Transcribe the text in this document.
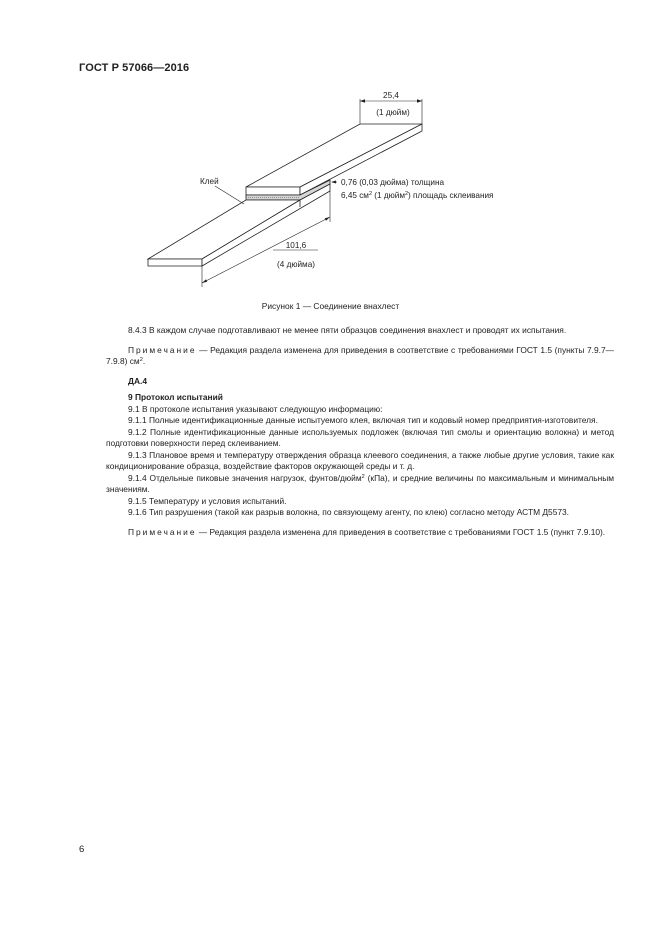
ГОСТ Р 57066—2016
25,4
(1 дюйм)
Клей	0,76 (0,03 дюйма) толщина
6,45 $см^2$ (1 дюйм$^2$) площадь склеивания
101,6
(4 дюйма)
Рисунок 1 — Соединение внахлест

8.4.3 В каждом случае подготавливают не менее пяти образцов соединения внахлест и проводят их испытания.

Примечание — Редакция раздела изменена для приведения в соответствие с требованиями ГОСТ 1.5 (пункты 7.9.7—7.9.8) $см^2$.

ДА.4

9 Протокол испытаний

9.1 В протоколе испытания указывают следующую информацию:

9.1.1 Полные идентификационные данные испытуемого клея, включая тип и кодовый номер предприятия-изготовителя.

9.1.2 Полные идентификационные данные используемых подложек (включая тип смолы и ориентацию волокна) и метод подготовки поверхности перед склеиванием.

9.1.3 Плановое время и температуру отверждения образца клеевого соединения, а также любые другие условия, такие как кондиционирование образца, воздействие факторов окружающей среды и т. д.

9.1.4 Отдельные пиковые значения нагрузок, фунтов/дюйм$^2$ (кПа), и средние величины по максимальным и минимальным значениям.

9.1.5 Температуру и условия испытаний.

9.1.6 Тип разрушения (такой как разрыв волокна, по связующему агенту, по клею) согласно методу АСТМ Д5573.

Примечание — Редакция раздела изменена для приведения в соответствие с требованиями ГОСТ 1.5 (пункт 7.9.10).

6
